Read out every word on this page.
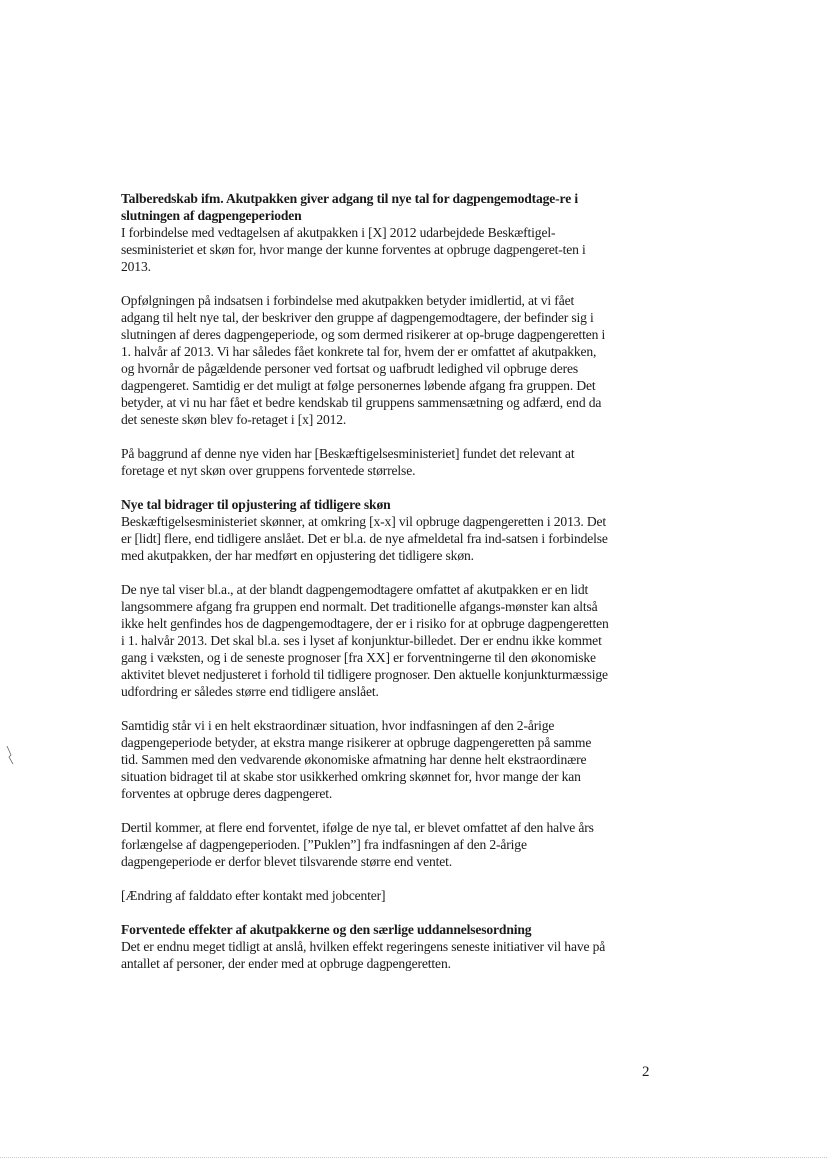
Talberedskab ifm. Akutpakken giver adgang til nye tal for dagpengemodtage-re i slutningen af dagpengeperioden

I forbindelse med vedtagelsen af akutpakken i [X] 2012 udarbejdede Beskæftigel-sesministeriet et skøn for, hvor mange der kunne forventes at opbruge dagpengeret-ten i 2013.

Opfølgningen på indsatsen i forbindelse med akutpakken betyder imidlertid, at vi fået adgang til helt nye tal, der beskriver den gruppe af dagpengemodtagere, der befinder sig i slutningen af deres dagpengeperiode, og som dermed risikerer at op-bruge dagpengeretten i 1. halvår af 2013. Vi har således fået konkrete tal for, hvem der er omfattet af akutpakken, og hvornår de pågældende personer ved fortsat og uafbrudt ledighed vil opbruge deres dagpengeret. Samtidig er det muligt at følge personernes løbende afgang fra gruppen. Det betyder, at vi nu har fået et bedre kendskab til gruppens sammensætning og adfærd, end da det seneste skøn blev fo-retaget i [x] 2012.

På baggrund af denne nye viden har [Beskæftigelsesministeriet] fundet det relevant at foretage et nyt skøn over gruppens forventede størrelse.

Nye tal bidrager til opjustering af tidligere skøn

Beskæftigelsesministeriet skønner, at omkring [x-x] vil opbruge dagpengeretten i 2013. Det er [lidt] flere, end tidligere anslået. Det er bl.a. de nye afmeldetal fra ind-satsen i forbindelse med akutpakken, der har medført en opjustering det tidligere skøn.

De nye tal viser bl.a., at der blandt dagpengemodtagere omfattet af akutpakken er en lidt langsommere afgang fra gruppen end normalt. Det traditionelle afgangs-mønster kan altså ikke helt genfindes hos de dagpengemodtagere, der er i risiko for at opbruge dagpengeretten i 1. halvår 2013. Det skal bl.a. ses i lyset af konjunktur-billedet. Der er endnu ikke kommet gang i væksten, og i de seneste prognoser [fra XX] er forventningerne til den økonomiske aktivitet blevet nedjusteret i forhold til tidligere prognoser. Den aktuelle konjunkturmæssige udfordring er således større end tidligere anslået.

Samtidig står vi i en helt ekstraordinær situation, hvor indfasningen af den 2-årige dagpengeperiode betyder, at ekstra mange risikerer at opbruge dagpengeretten på samme tid. Sammen med den vedvarende økonomiske afmatning har denne helt ekstraordinære situation bidraget til at skabe stor usikkerhed omkring skønnet for, hvor mange der kan forventes at opbruge deres dagpengeret.

Dertil kommer, at flere end forventet, ifølge de nye tal, er blevet omfattet af den halve års forlængelse af dagpengeperioden. [”Puklen”] fra indfasningen af den 2-årige dagpengeperiode er derfor blevet tilsvarende større end ventet.

[Ændring af falddato efter kontakt med jobcenter]

Forventede effekter af akutpakkerne og den særlige uddannelsesordning

Det er endnu meget tidligt at anslå, hvilken effekt regeringens seneste initiativer vil have på antallet af personer, der ender med at opbruge dagpengeretten.

2
